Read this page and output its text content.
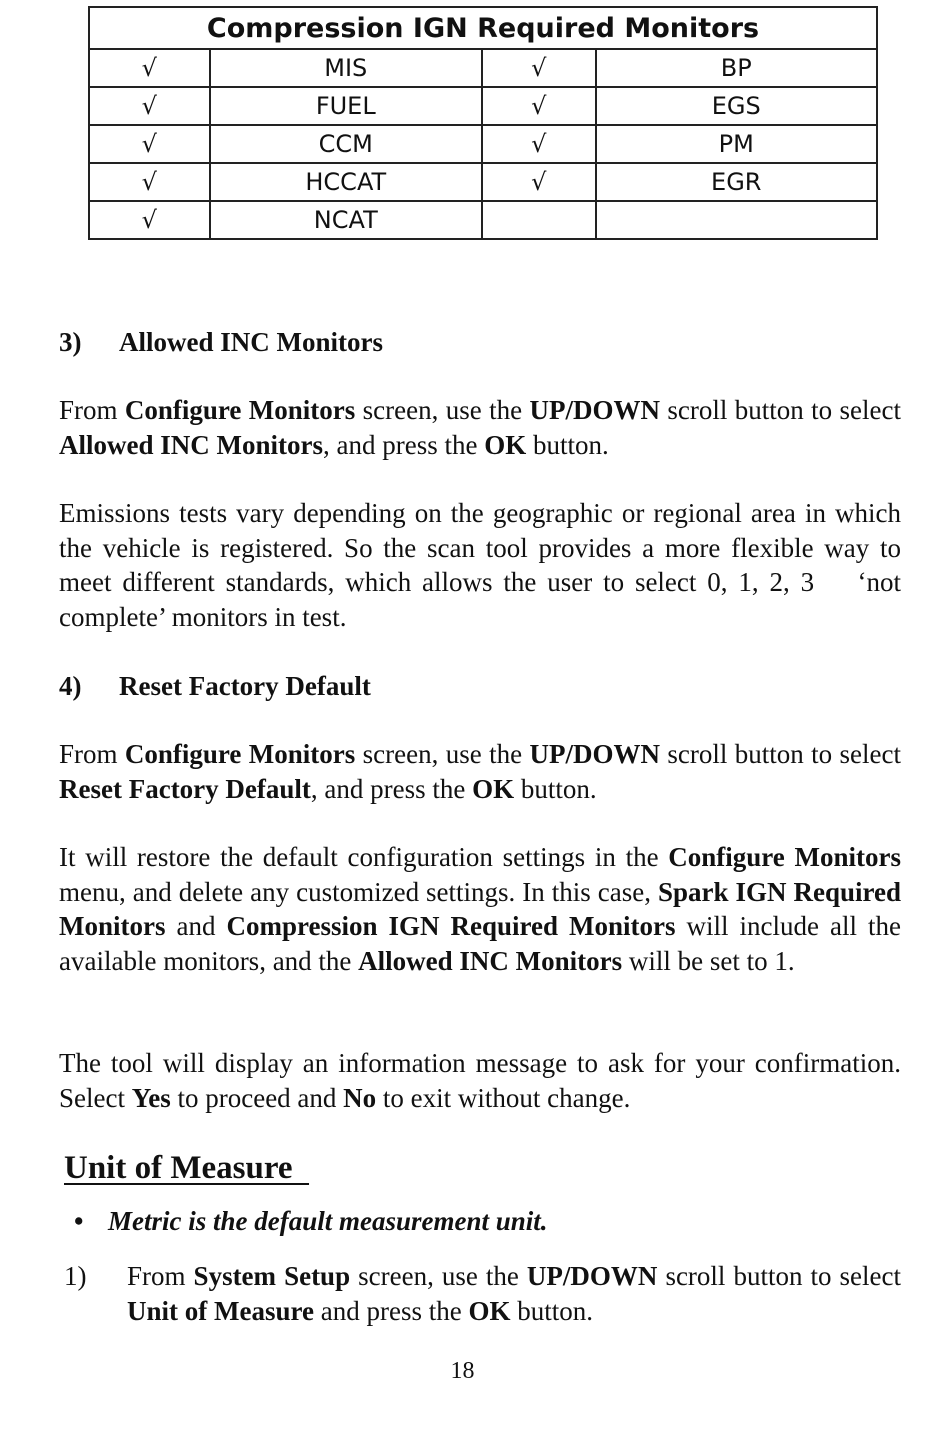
Compression IGN Required Monitors			
√	MIS	√	BP
√	FUEL	√	EGS
√	CCM	√	PM
√	HCCAT	√	EGR
√	NCAT		
3) Allowed INC Monitors
From Configure Monitors screen, use the UP/DOWN scroll button to select Allowed INC Monitors, and press the OK button.
Emissions tests vary depending on the geographic or regional area in which the vehicle is registered. So the scan tool provides a more flexible way to meet different standards, which allows the user to select 0, 1, 2, 3    ‘not complete’ monitors in test.
4) Reset Factory Default
From Configure Monitors screen, use the UP/DOWN scroll button to select Reset Factory Default, and press the OK button.
It will restore the default configuration settings in the Configure Monitors menu, and delete any customized settings. In this case, Spark IGN Required Monitors and Compression IGN Required Monitors will include all the available monitors, and the Allowed INC Monitors will be set to 1.
The tool will display an information message to ask for your confirmation. Select Yes to proceed and No to exit without change.
Unit of Measure
• Metric is the default measurement unit.
1) From System Setup screen, use the UP/DOWN scroll button to select Unit of Measure and press the OK button.
18
